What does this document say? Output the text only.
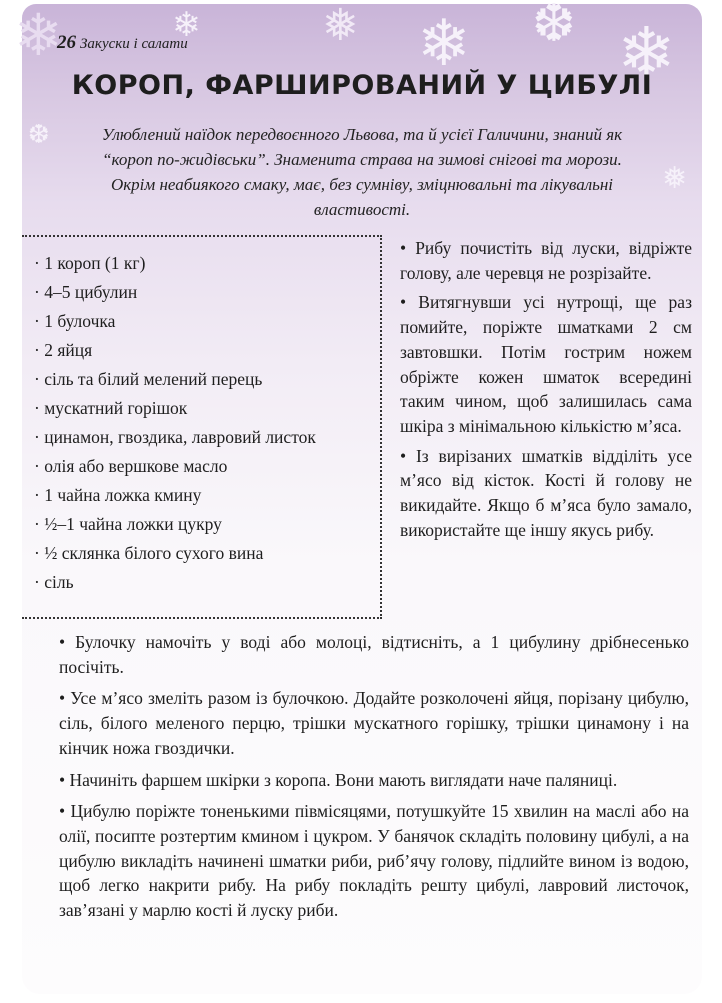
❄	❄	❅ ❄ ❆ ❄
❅
❆
26 Закуски і салати
КОРОП, ФАРШИРОВАНИЙ У ЦИБУЛІ
Улюблений наїдок передвоєнного Львова, та й усієї Галичини, знаний як “короп по-жидівськи”. Знаменита страва на зимові снігові та морози. Окрім неабиякого смаку, має, без сумніву, зміцнювальні та лікувальні властивості.
· 1 короп (1 кг)
· 4–5 цибулин
· 1 булочка
· 2 яйця
· сіль та білий мелений перець
· мускатний горішок
· цинамон, гвоздика, лавровий листок
· олія або вершкове масло
· 1 чайна ложка кмину
· ½–1 чайна ложки цукру
· ½ склянка білого сухого вина
· сіль

• Рибу почистіть від луски, відріжте голову, але черевця не розрізайте.

• Витягнувши усі нутрощі, ще раз помийте, поріжте шматками 2 см завтовшки. Потім гострим ножем обріжте кожен шматок всередині таким чином, щоб залишилась сама шкіра з мінімальною кількістю м’яса.

• Із вирізаних шматків відділіть усе м’ясо від кісток. Кості й голову не викидайте. Якщо б м’яса було замало, використайте ще іншу якусь рибу.

• Булочку намочіть у воді або молоці, відтисніть, а 1 цибулину дрібнесенько посічіть.

• Усе м’ясо змеліть разом із булочкою. Додайте розколочені яйця, порізану цибулю, сіль, білого меленого перцю, трішки мускатного горішку, трішки цинамону і на кінчик ножа гвоздички.

• Начиніть фаршем шкірки з коропа. Вони мають виглядати наче паляниці.

• Цибулю поріжте тоненькими півмісяцями, потушкуйте 15 хвилин на маслі або на олії, посипте розтертим кмином і цукром. У банячок складіть половину цибулі, а на цибулю викладіть начинені шматки риби, риб’ячу голову, підлийте вином із водою, щоб легко накрити рибу. На рибу покладіть решту цибулі, лавровий листочок, зав’язані у марлю кості й луску риби.
